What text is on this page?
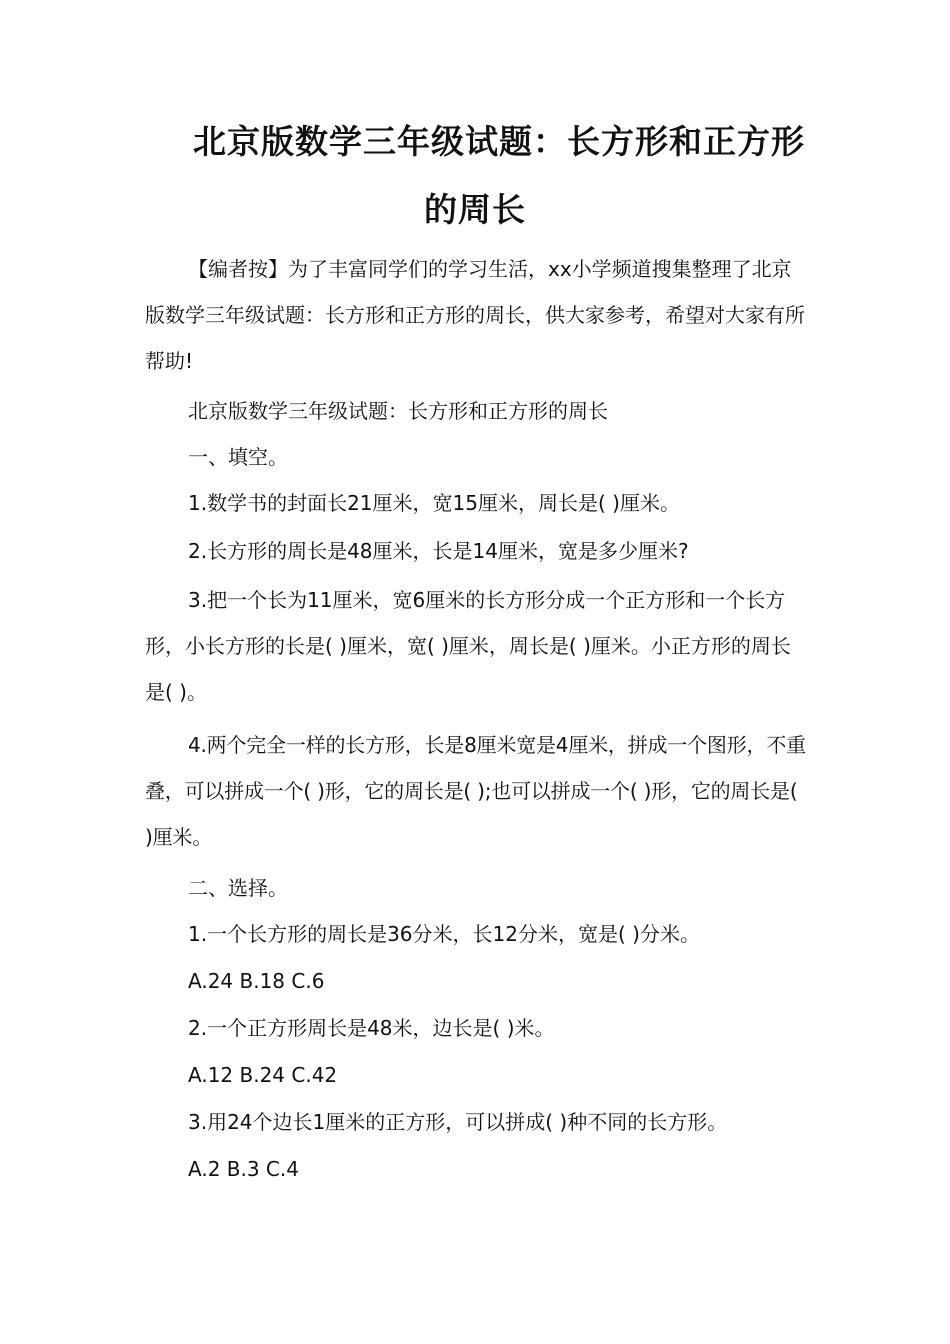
北京版数学三年级试题：长方形和正方形
的周长

【编者按】为了丰富同学们的学习生活，xx小学频道搜集整理了北京版数学三年级试题：长方形和正方形的周长，供大家参考，希望对大家有所帮助!

北京版数学三年级试题：长方形和正方形的周长

一、填空。

1.数学书的封面长21厘米，宽15厘米，周长是( )厘米。

2.长方形的周长是48厘米，长是14厘米，宽是多少厘米?

3.把一个长为11厘米，宽6厘米的长方形分成一个正方形和一个长方形，小长方形的长是( )厘米，宽( )厘米，周长是( )厘米。小正方形的周长是( )。

4.两个完全一样的长方形，长是8厘米宽是4厘米，拼成一个图形，不重叠，可以拼成一个( )形，它的周长是( );也可以拼成一个( )形，它的周长是( )厘米。

二、选择。

1.一个长方形的周长是36分米，长12分米，宽是( )分米。

A.24 B.18 C.6

2.一个正方形周长是48米，边长是( )米。

A.12 B.24 C.42

3.用24个边长1厘米的正方形，可以拼成( )种不同的长方形。

A.2 B.3 C.4
